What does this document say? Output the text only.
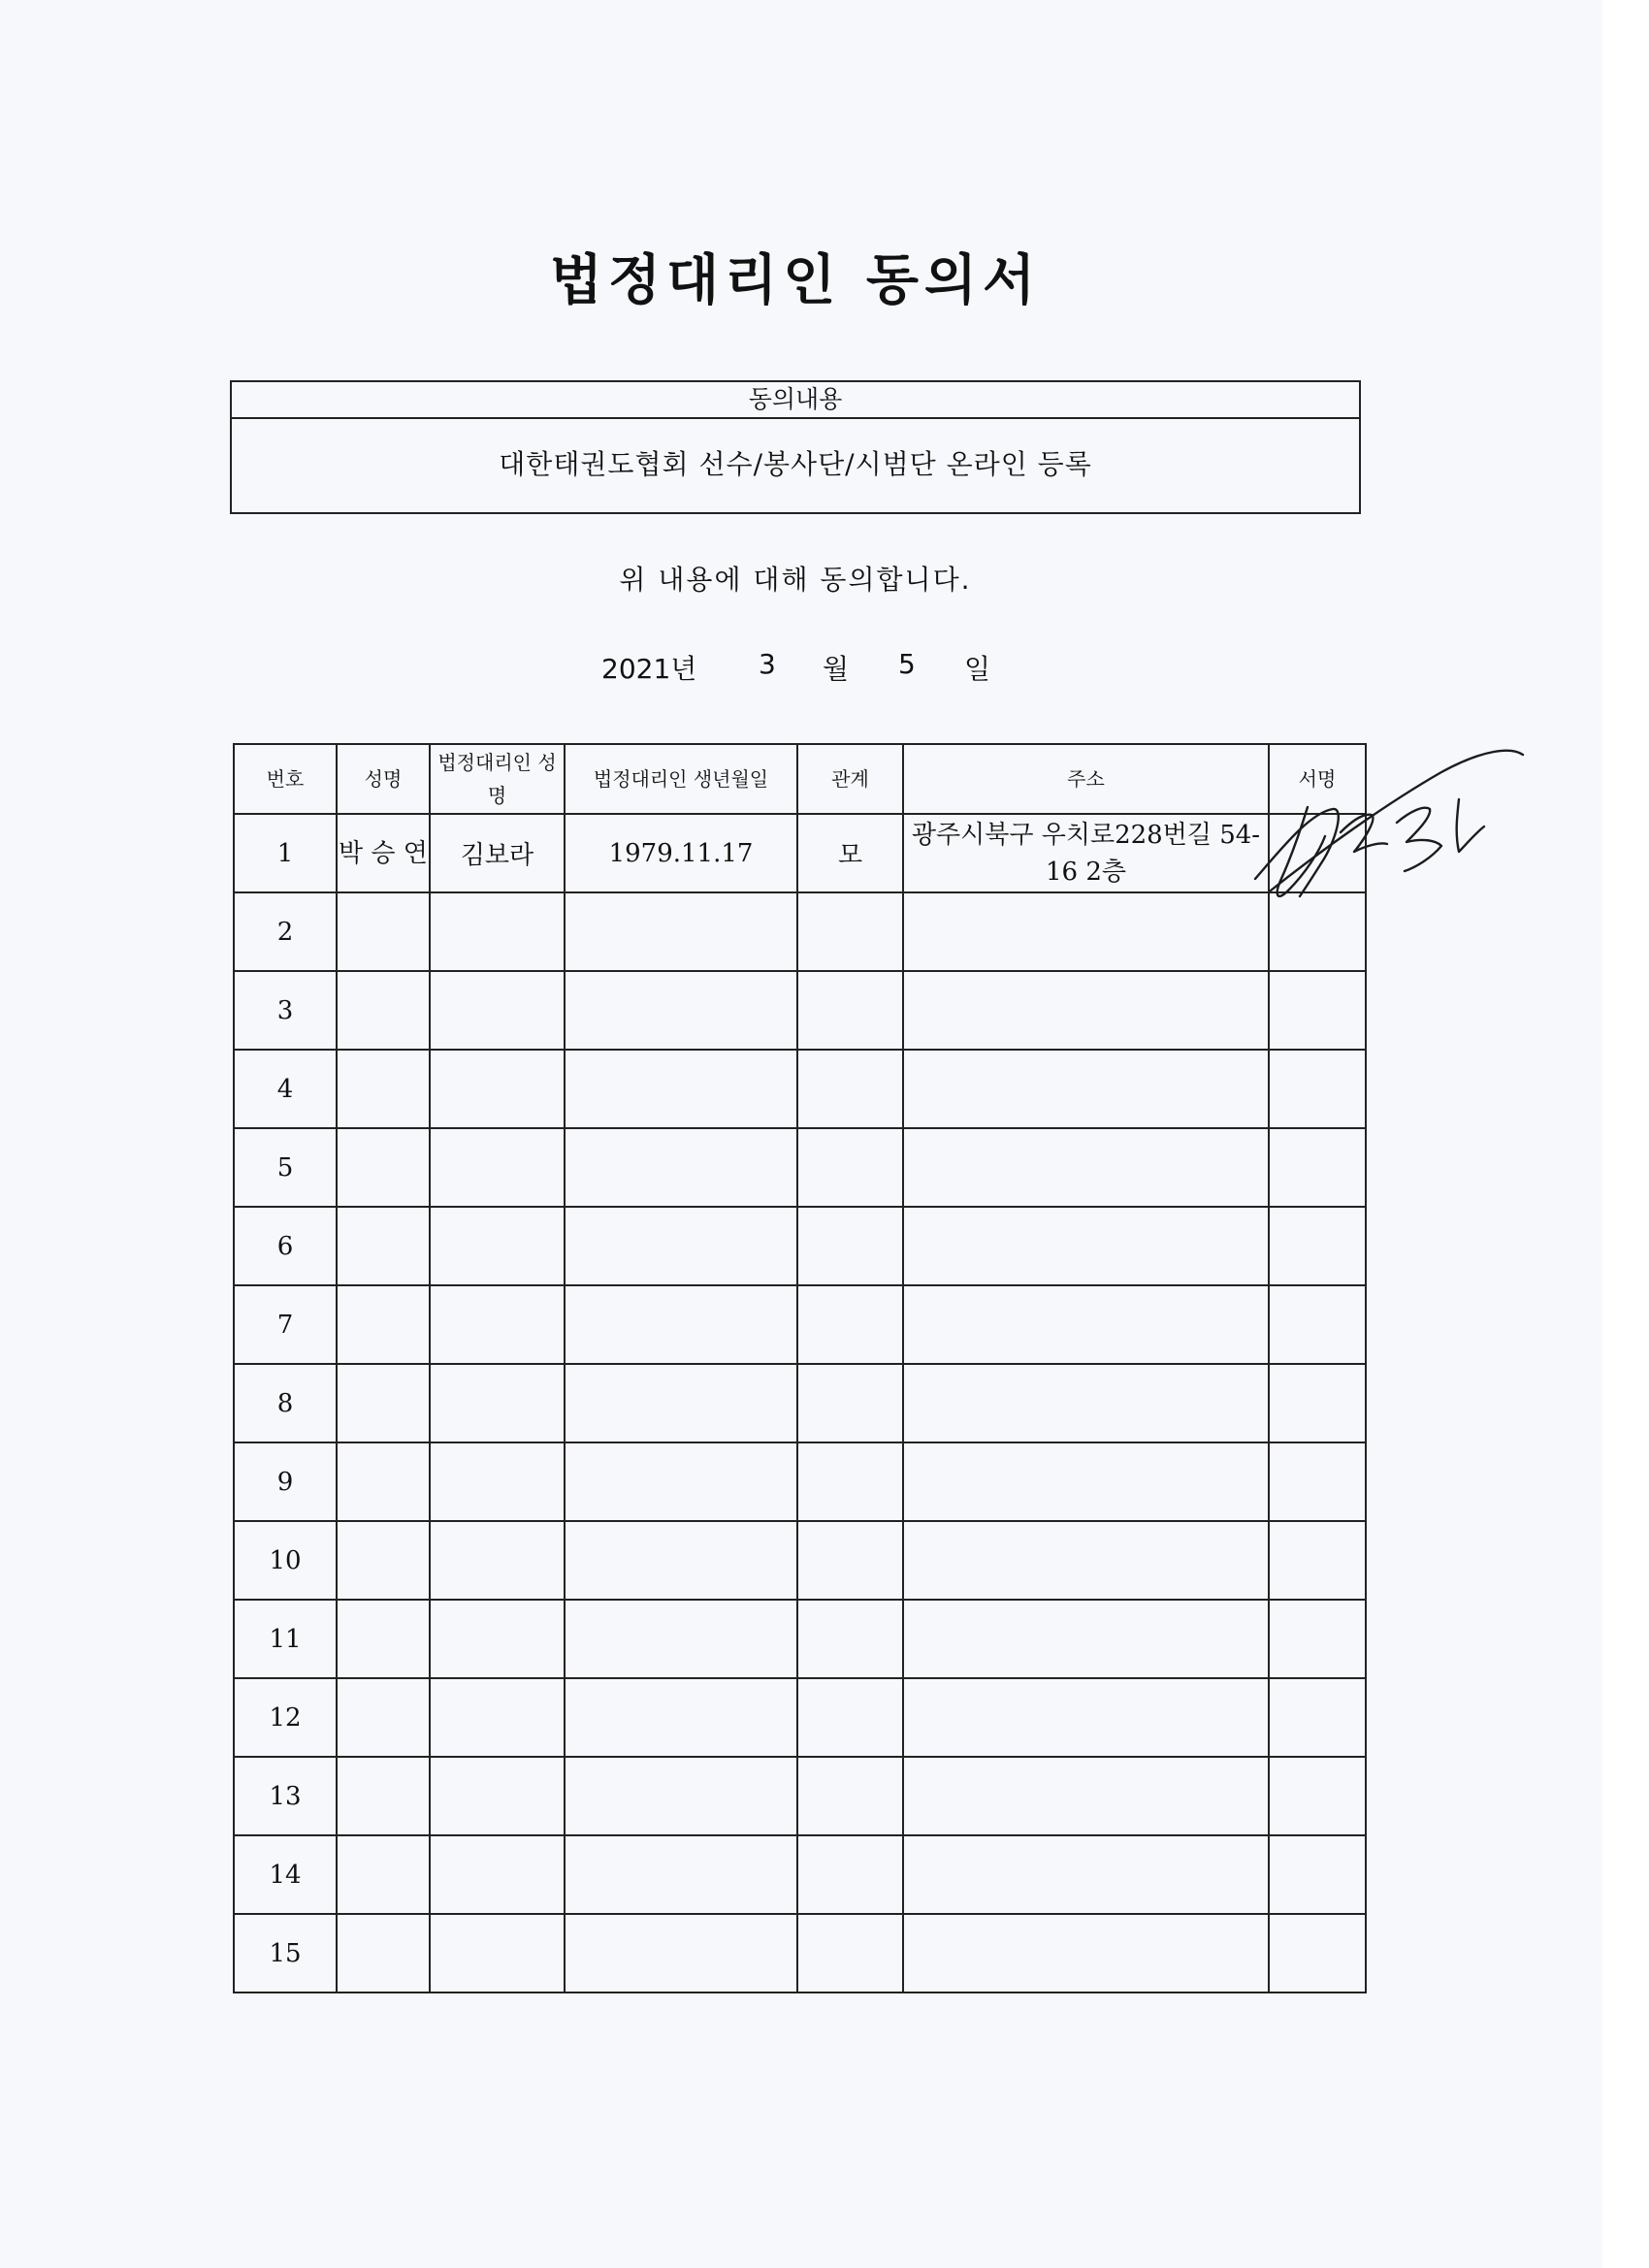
법정대리인 동의서
동의내용
대한태권도협회 선수/봉사단/시범단 온라인 등록
위 내용에 대해 동의합니다.
2021년 3 월 5 일
번호	성명	법정대리인 성명	법정대리인 생년월일	관계	주소	서명
1	박 승 연	김보라	1979.11.17	모	광주시북구 우치로228번길 54-16 2층	
2						
3						
4						
5						
6						
7						
8						
9						
10						
11						
12						
13						
14						
15						
